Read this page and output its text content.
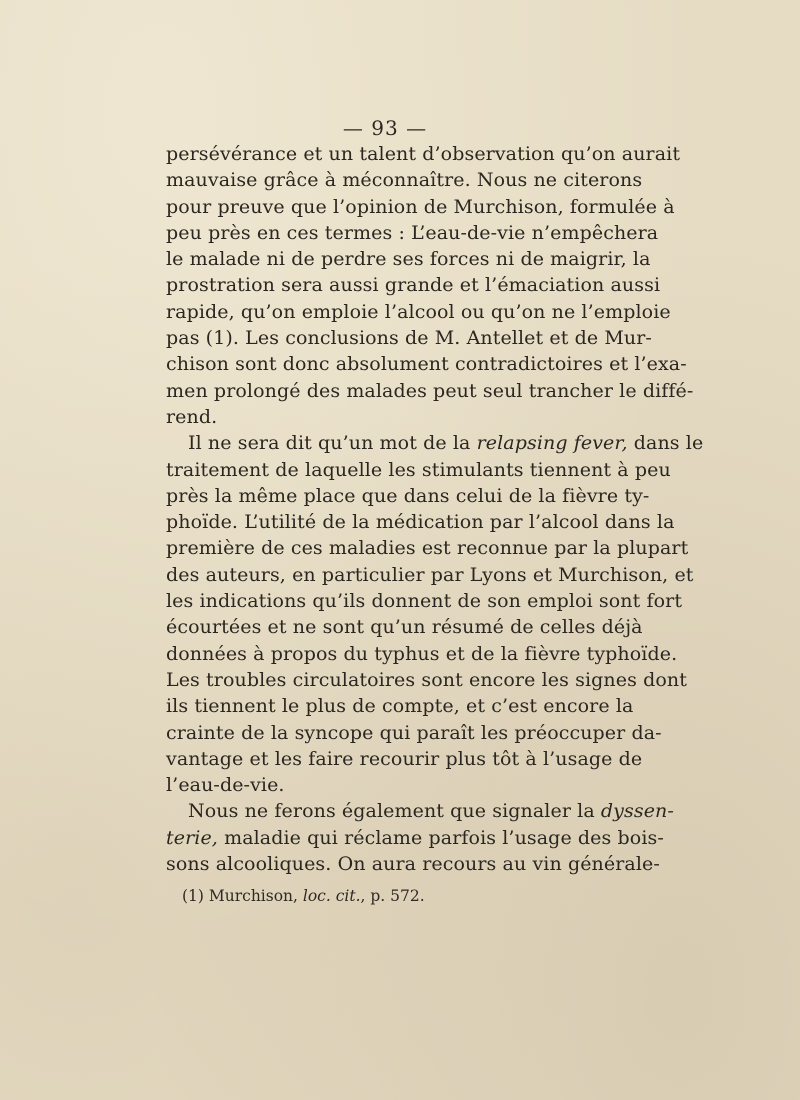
— 93 —
persévérance et un talent d’observation qu’on aurait
mauvaise grâce à méconnaître. Nous ne citerons
pour preuve que l’opinion de Murchison, formulée à
peu près en ces termes : L’eau-de-vie n’empêchera
le malade ni de perdre ses forces ni de maigrir, la
prostration sera aussi grande et l’émaciation aussi
rapide, qu’on emploie l’alcool ou qu’on ne l’emploie
pas (1). Les conclusions de M. Antellet et de Mur-
chison sont donc absolument contradictoires et l’exa-
men prolongé des malades peut seul trancher le diffé-
rend.
Il ne sera dit qu’un mot de la relapsing fever, dans le
traitement de laquelle les stimulants tiennent à peu
près la même place que dans celui de la fièvre ty-
phoïde. L’utilité de la médication par l’alcool dans la
première de ces maladies est reconnue par la plupart
des auteurs, en particulier par Lyons et Murchison, et
les indications qu’ils donnent de son emploi sont fort
écourtées et ne sont qu’un résumé de celles déjà
données à propos du typhus et de la fièvre typhoïde.
Les troubles circulatoires sont encore les signes dont
ils tiennent le plus de compte, et c’est encore la
crainte de la syncope qui paraît les préoccuper da-
vantage et les faire recourir plus tôt à l’usage de
l’eau-de-vie.
Nous ne ferons également que signaler la dyssen-
terie, maladie qui réclame parfois l’usage des bois-
sons alcooliques. On aura recours au vin générale-
(1) Murchison, loc. cit., p. 572.
